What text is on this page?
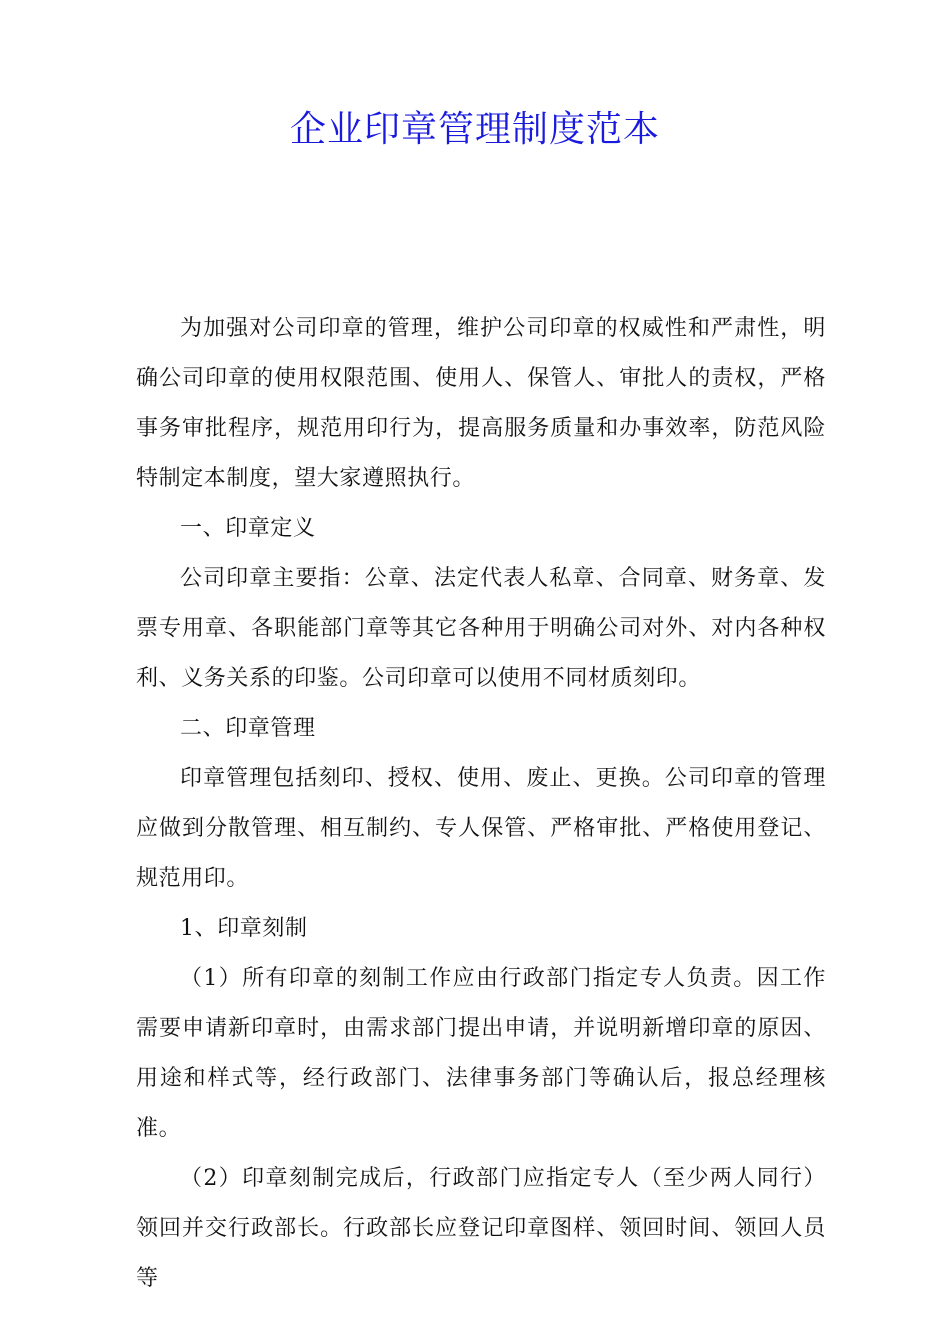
企业印章管理制度范本

为加强对公司印章的管理，维护公司印章的权威性和严肃性，明确公司印章的使用权限范围、使用人、保管人、审批人的责权，严格事务审批程序，规范用印行为，提高服务质量和办事效率，防范风险特制定本制度，望大家遵照执行。

一、印章定义

公司印章主要指：公章、法定代表人私章、合同章、财务章、发票专用章、各职能部门章等其它各种用于明确公司对外、对内各种权利、义务关系的印鉴。公司印章可以使用不同材质刻印。

二、印章管理

印章管理包括刻印、授权、使用、废止、更换。公司印章的管理应做到分散管理、相互制约、专人保管、严格审批、严格使用登记、规范用印。

1、印章刻制

（1）所有印章的刻制工作应由行政部门指定专人负责。因工作需要申请新印章时，由需求部门提出申请，并说明新增印章的原因、用途和样式等，经行政部门、法律事务部门等确认后，报总经理核准。

（2）印章刻制完成后，行政部门应指定专人（至少两人同行）领回并交行政部长。行政部长应登记印章图样、领回时间、领回人员等
